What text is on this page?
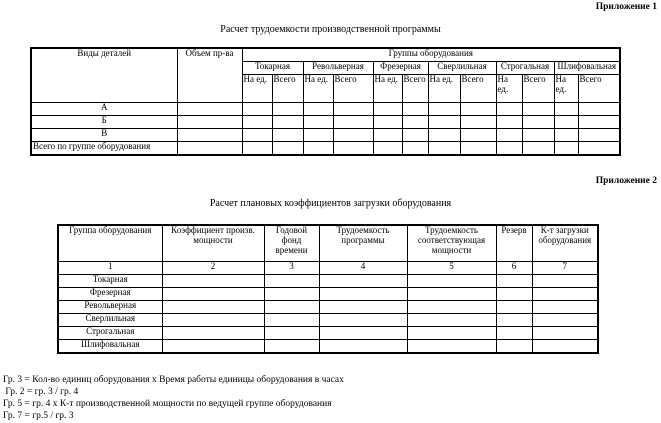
Приложение 1
Расчет трудоемкости производственной программы
Виды деталей	Объем пр-ва	Группы оборудования											
		Токарная		Револьверная		Фрезерная		Сверлильная		Строгальная		Шлифовальная	
		На ед.	Всего	На ед.	Всего	На ед.	Всего	На ед.	Всего	На ед.	Всего	На ед.	Всего
А													
Б													
В													
Всего по группе оборудования													
Приложение 2
Расчет плановых коэффициентов загрузки оборудования
Группа оборудования	Коэффициент произв. мощности	Годовой фонд времени	Трудоемкость программы	Трудоемкость соответствующая мощности	Резерв	К-т загрузки оборудования
1	2	3	4	5	6	7
Токарная						
Фрезерная						
Револьверная						
Сверлильная						
Строгальная						
Шлифовальная						
Гр. 3 = Кол-во единиц оборудования х Время работы единицы оборудования в часах
Гр. 2 = гр. 3 / гр. 4
Гр. 5 = гр. 4 х К-т производственной мощности по ведущей группе оборудования
Гр. 7 = гр.5 / гр. 3
